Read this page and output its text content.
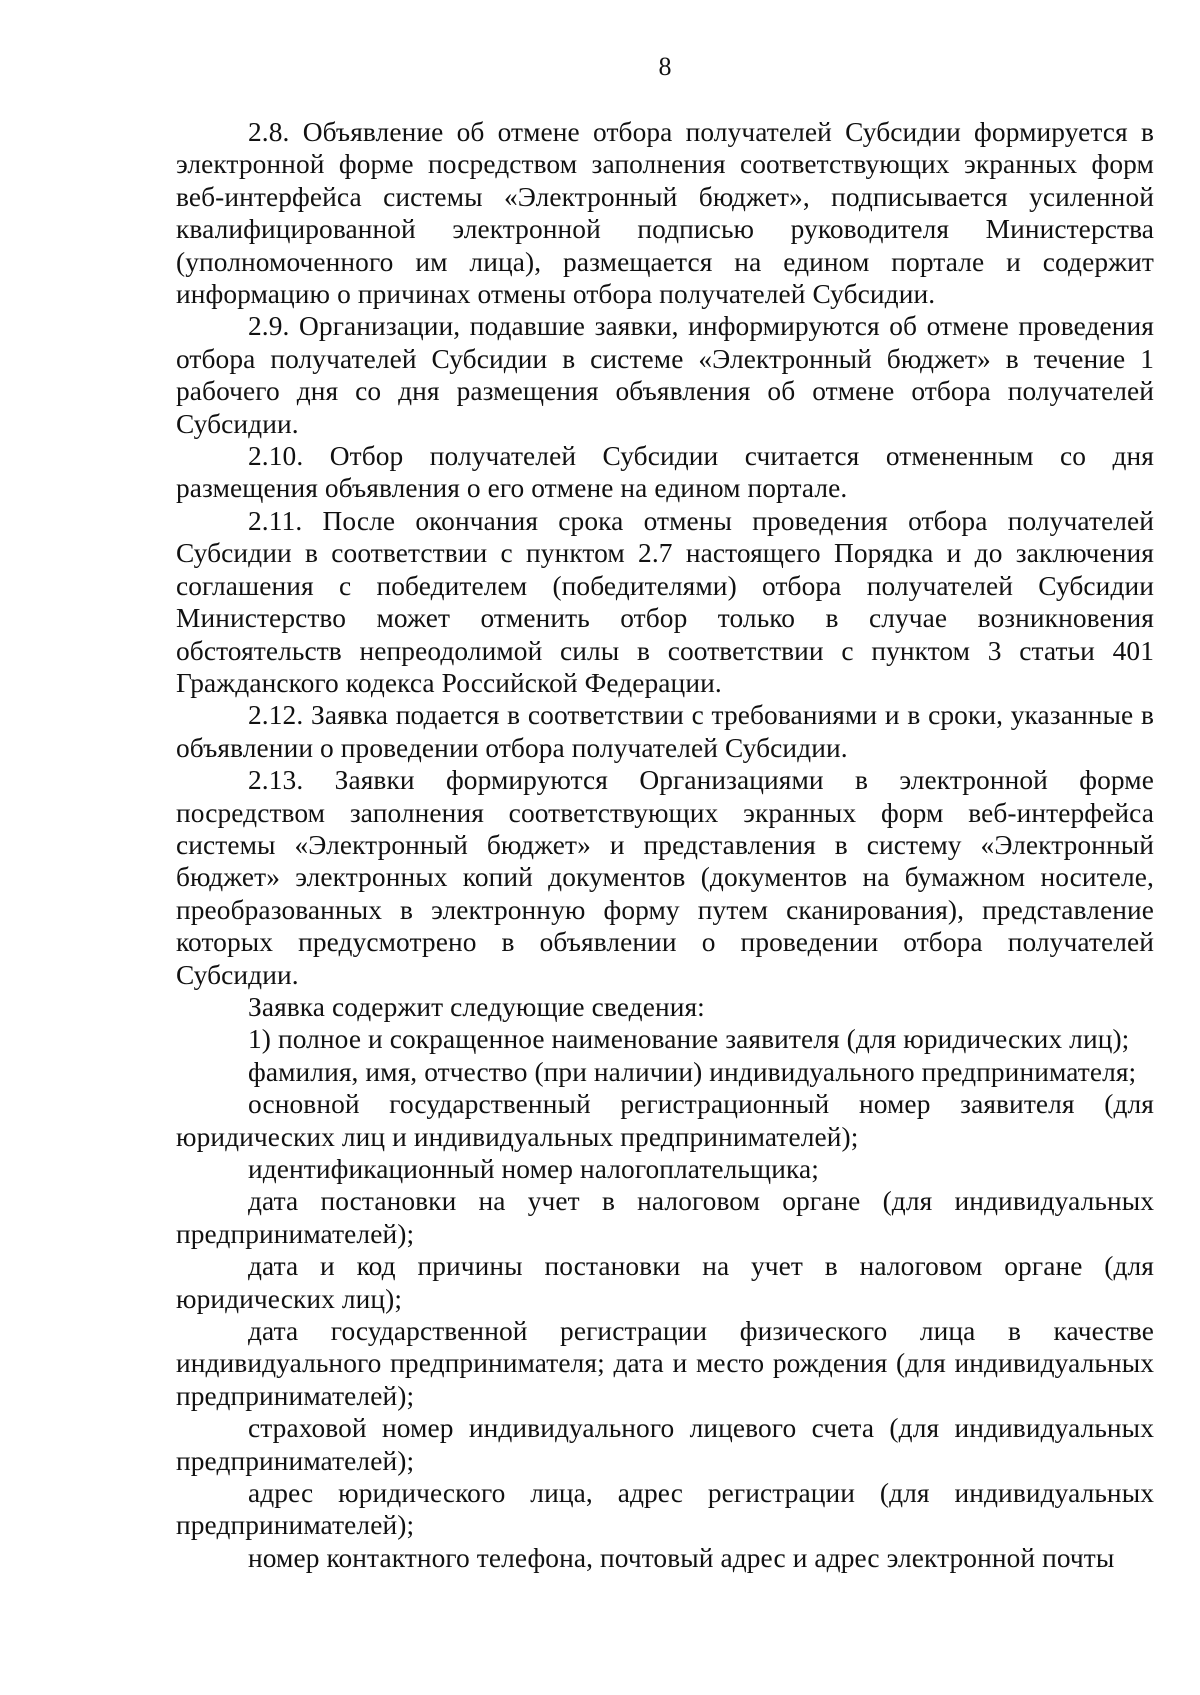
8

2.8. Объявление об отмене отбора получателей Субсидии формируется в электронной форме посредством заполнения соответствующих экранных форм веб-интерфейса системы «Электронный бюджет», подписывается усиленной квалифицированной электронной подписью руководителя Министерства (уполномоченного им лица), размещается на едином портале и содержит информацию о причинах отмены отбора получателей Субсидии.

2.9. Организации, подавшие заявки, информируются об отмене проведения отбора получателей Субсидии в системе «Электронный бюджет» в течение 1 рабочего дня со дня размещения объявления об отмене отбора получателей Субсидии.

2.10. Отбор получателей Субсидии считается отмененным со дня размещения объявления о его отмене на едином портале.

2.11. После окончания срока отмены проведения отбора получателей Субсидии в соответствии с пунктом 2.7 настоящего Порядка и до заключения соглашения с победителем (победителями) отбора получателей Субсидии Министерство может отменить отбор только в случае возникновения обстоятельств непреодолимой силы в соответствии с пунктом 3 статьи 401 Гражданского кодекса Российской Федерации.

2.12. Заявка подается в соответствии с требованиями и в сроки, указанные в объявлении о проведении отбора получателей Субсидии.

2.13. Заявки формируются Организациями в электронной форме посредством заполнения соответствующих экранных форм веб-интерфейса системы «Электронный бюджет» и представления в систему «Электронный бюджет» электронных копий документов (документов на бумажном носителе, преобразованных в электронную форму путем сканирования), представление которых предусмотрено в объявлении о проведении отбора получателей Субсидии.

Заявка содержит следующие сведения:

1) полное и сокращенное наименование заявителя (для юридических лиц);

фамилия, имя, отчество (при наличии) индивидуального предпринимателя;

основной государственный регистрационный номер заявителя (для юридических лиц и индивидуальных предпринимателей);

идентификационный номер налогоплательщика;

дата постановки на учет в налоговом органе (для индивидуальных предпринимателей);

дата и код причины постановки на учет в налоговом органе (для юридических лиц);

дата государственной регистрации физического лица в качестве индивидуального предпринимателя; дата и место рождения (для индивидуальных предпринимателей);

страховой номер индивидуального лицевого счета (для индивидуальных предпринимателей);

адрес юридического лица, адрес регистрации (для индивидуальных предпринимателей);

номер контактного телефона, почтовый адрес и адрес электронной почты
